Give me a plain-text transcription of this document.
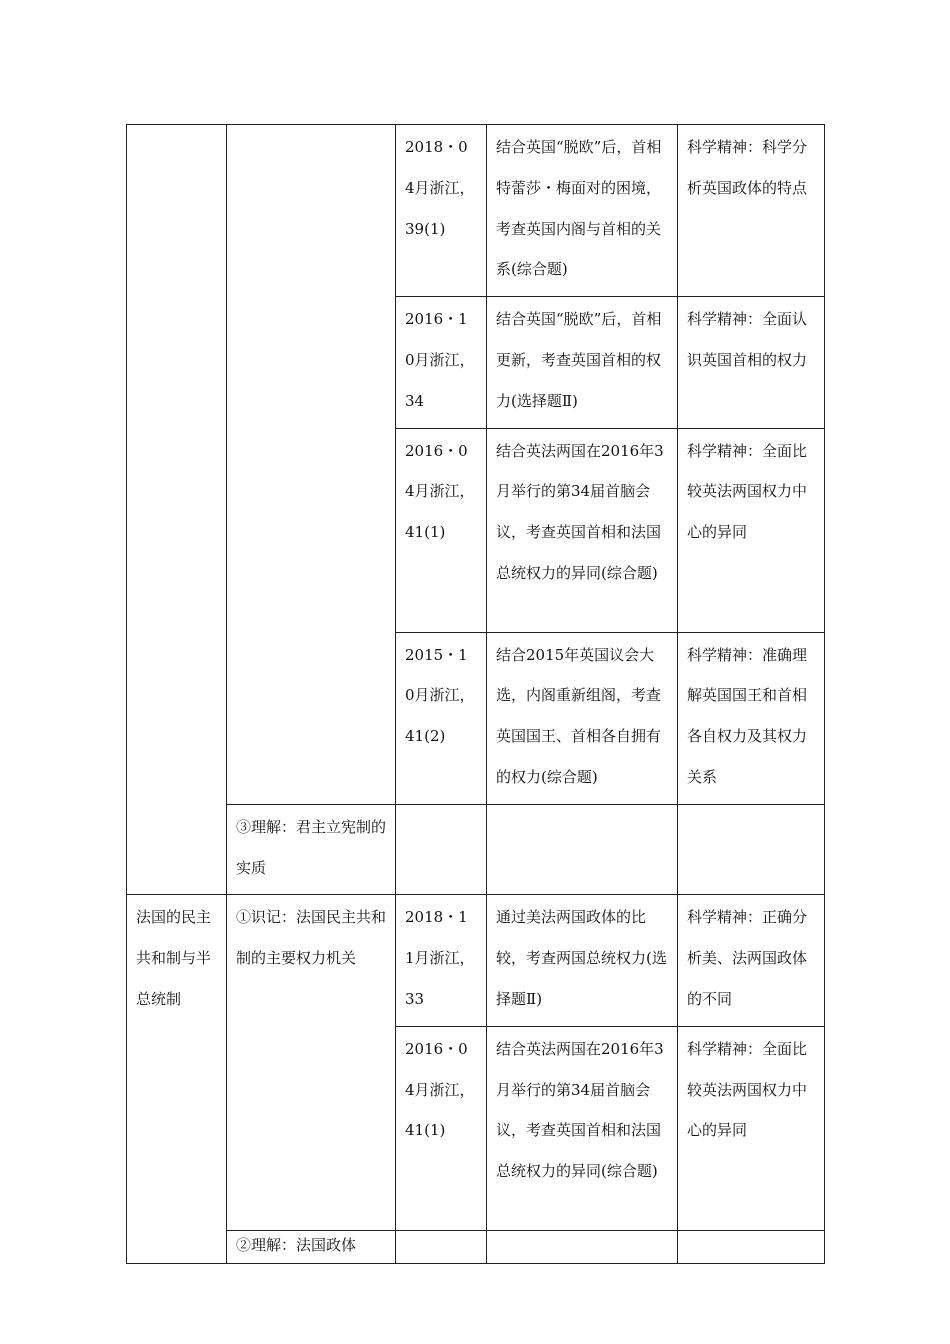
		2018・04月浙江，39(1)	结合英国“脱欧”后，首相特蕾莎・梅面对的困境，考查英国内阁与首相的关系(综合题)	科学精神：科学分析英国政体的特点
		2016・10月浙江，34	结合英国“脱欧”后，首相更新，考查英国首相的权力(选择题Ⅱ)	科学精神：全面认识英国首相的权力
		2016・04月浙江，41(1)	结合英法两国在2016年3月举行的第34届首脑会议，考查英国首相和法国总统权力的异同(综合题)	科学精神：全面比较英法两国权力中心的异同
		2015・10月浙江，41(2)	结合2015年英国议会大选，内阁重新组阁，考查英国国王、首相各自拥有的权力(综合题)	科学精神：准确理解英国国王和首相各自权力及其权力关系
	③理解：君主立宪制的实质			
法国的民主共和制与半总统制	①识记：法国民主共和制的主要权力机关	2018・11月浙江，33	通过美法两国政体的比较，考查两国总统权力(选择题Ⅱ)	科学精神：正确分析美、法两国政体的不同
		2016・04月浙江，41(1)	结合英法两国在2016年3月举行的第34届首脑会议，考查英国首相和法国总统权力的异同(综合题)	科学精神：全面比较英法两国权力中心的异同
	②理解：法国政体			
